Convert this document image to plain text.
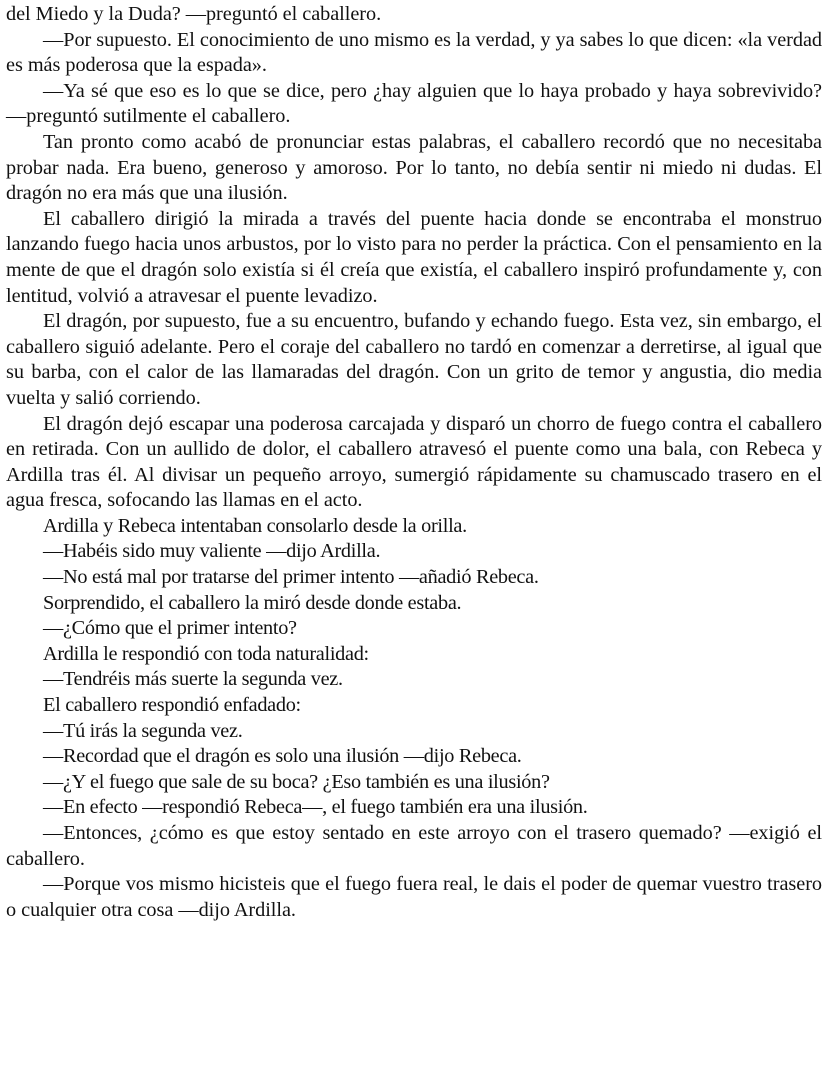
del Miedo y la Duda? —preguntó el caballero.

—Por supuesto. El conocimiento de uno mismo es la verdad, y ya sabes lo que dicen: «la verdad es más poderosa que la espada».

—Ya sé que eso es lo que se dice, pero ¿hay alguien que lo haya probado y haya sobrevivido? —preguntó sutilmente el caballero.

Tan pronto como acabó de pronunciar estas palabras, el caballero recordó que no necesitaba probar nada. Era bueno, generoso y amoroso. Por lo tanto, no debía sentir ni miedo ni dudas. El dragón no era más que una ilusión.

El caballero dirigió la mirada a través del puente hacia donde se encontraba el monstruo lanzando fuego hacia unos arbustos, por lo visto para no perder la práctica. Con el pensamiento en la mente de que el dragón solo existía si él creía que existía, el caballero inspiró profundamente y, con lentitud, volvió a atravesar el puente levadizo.

El dragón, por supuesto, fue a su encuentro, bufando y echando fuego. Esta vez, sin embargo, el caballero siguió adelante. Pero el coraje del caballero no tardó en comenzar a derretirse, al igual que su barba, con el calor de las llamaradas del dragón. Con un grito de temor y angustia, dio media vuelta y salió corriendo.

El dragón dejó escapar una poderosa carcajada y disparó un chorro de fuego contra el caballero en retirada. Con un aullido de dolor, el caballero atravesó el puente como una bala, con Rebeca y Ardilla tras él. Al divisar un pequeño arroyo, sumergió rápidamente su chamuscado trasero en el agua fresca, sofocando las llamas en el acto.

Ardilla y Rebeca intentaban consolarlo desde la orilla.

—Habéis sido muy valiente —dijo Ardilla.

—No está mal por tratarse del primer intento —añadió Rebeca.

Sorprendido, el caballero la miró desde donde estaba.

—¿Cómo que el primer intento?

Ardilla le respondió con toda naturalidad:

—Tendréis más suerte la segunda vez.

El caballero respondió enfadado:

—Tú irás la segunda vez.

—Recordad que el dragón es solo una ilusión —dijo Rebeca.

—¿Y el fuego que sale de su boca? ¿Eso también es una ilusión?

—En efecto —respondió Rebeca—, el fuego también era una ilusión.

—Entonces, ¿cómo es que estoy sentado en este arroyo con el trasero quemado? —exigió el caballero.

—Porque vos mismo hicisteis que el fuego fuera real, le dais el poder de quemar vuestro trasero o cualquier otra cosa —dijo Ardilla.
